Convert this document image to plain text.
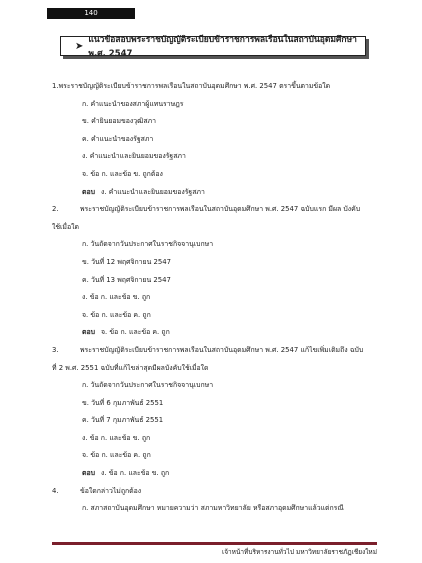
140
➤
แนวข้อสอบพระราชบัญญัติระเบียบข้าราชการพลเรือนในสถาบันอุดมศึกษา พ.ศ. 2547
1.พระราชบัญญัติระเบียบข้าราชการพลเรือนในสถาบันอุดมศึกษา พ.ศ. 2547 ตราขึ้นตามข้อใด
ก. คำแนะนำของสภาผู้แทนราษฎร
ข. คำยินยอมของวุฒิสภา
ค. คำแนะนำของรัฐสภา
ง. คำแนะนำและยินยอมของรัฐสภา
จ. ข้อ ก. และข้อ ข. ถูกต้อง
ตอบ ง. คำแนะนำและยินยอมของรัฐสภา
2.	พระราชบัญญัติระเบียบข้าราชการพลเรือนในสถาบันอุดมศึกษา พ.ศ. 2547 ฉบับแรก มีผล บังคับ
ใช้เมื่อใด
ก. วันถัดจากวันประกาศในราชกิจจานุเบกษา
ข. วันที่ 12 พฤศจิกายน 2547
ค. วันที่ 13 พฤศจิกายน 2547
ง. ข้อ ก. และข้อ ข. ถูก
จ. ข้อ ก. และข้อ ค. ถูก
ตอบ จ. ข้อ ก. และข้อ ค. ถูก
3.	พระราชบัญญัติระเบียบข้าราชการพลเรือนในสถาบันอุดมศึกษา พ.ศ. 2547 แก้ไขเพิ่มเติมถึง ฉบับ
ที่ 2 พ.ศ. 2551 ฉบับที่แก้ไขล่าสุดมีผลบังคับใช้เมื่อใด
ก. วันถัดจากวันประกาศในราชกิจจานุเบกษา
ข. วันที่ 6 กุมภาพันธ์ 2551
ค. วันที่ 7 กุมภาพันธ์ 2551
ง. ข้อ ก. และข้อ ข. ถูก
จ. ข้อ ก. และข้อ ค. ถูก
ตอบ ง. ข้อ ก. และข้อ ข. ถูก
4.	ข้อใดกล่าวไม่ถูกต้อง
ก. สภาสถาบันอุดมศึกษา หมายความว่า สภามหาวิทยาลัย หรือสภาอุดมศึกษาแล้วแต่กรณี
เจ้าหน้าที่บริหารงานทั่วไป มหาวิทยาลัยราชภัฏเชียงใหม่
